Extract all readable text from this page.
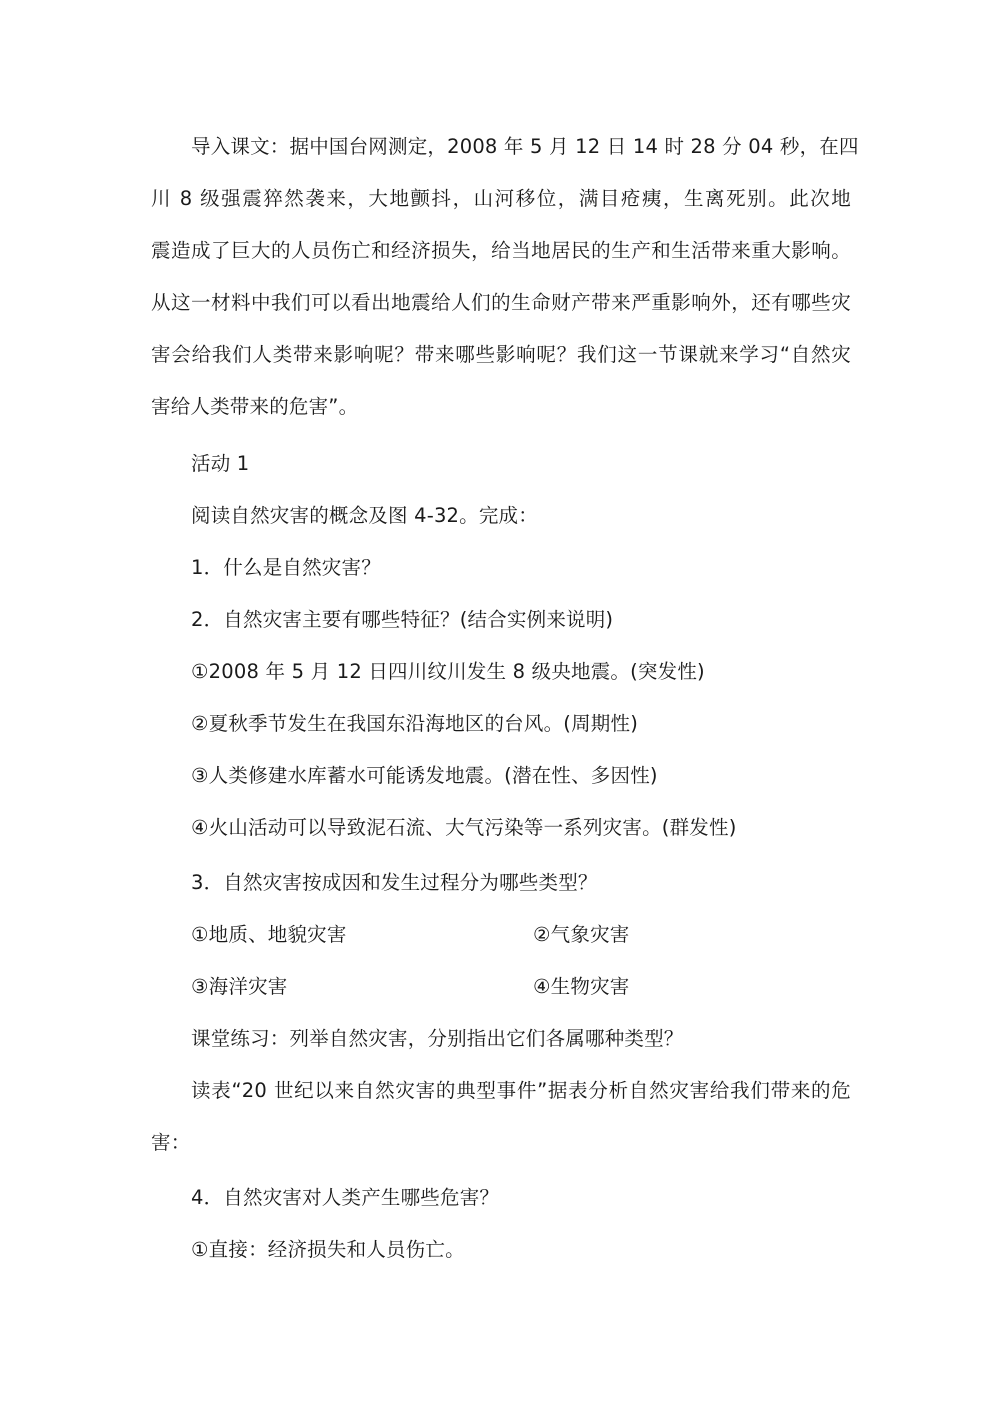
导入课文：据中国台网测定，2008 年 5 月 12 日 14 时 28 分 04 秒，在四
川 8 级强震猝然袭来，大地颤抖，山河移位，满目疮痍，生离死别。此次地
震造成了巨大的人员伤亡和经济损失，给当地居民的生产和生活带来重大影响。
从这一材料中我们可以看出地震给人们的生命财产带来严重影响外，还有哪些灾
害会给我们人类带来影响呢？带来哪些影响呢？我们这一节课就来学习“自然灾
害给人类带来的危害”。
活动 1
阅读自然灾害的概念及图 4-32。完成：
1．什么是自然灾害？
2．自然灾害主要有哪些特征？(结合实例来说明)
①2008 年 5 月 12 日四川纹川发生 8 级央地震。(突发性)
②夏秋季节发生在我国东沿海地区的台风。(周期性)
③人类修建水库蓄水可能诱发地震。(潜在性、多因性)
④火山活动可以导致泥石流、大气污染等一系列灾害。(群发性)
3．自然灾害按成因和发生过程分为哪些类型？
①地质、地貌灾害	②气象灾害
③海洋灾害	④生物灾害
课堂练习：列举自然灾害，分别指出它们各属哪种类型？
读表“20 世纪以来自然灾害的典型事件”据表分析自然灾害给我们带来的危
害：
4．自然灾害对人类产生哪些危害？
①直接：经济损失和人员伤亡。
